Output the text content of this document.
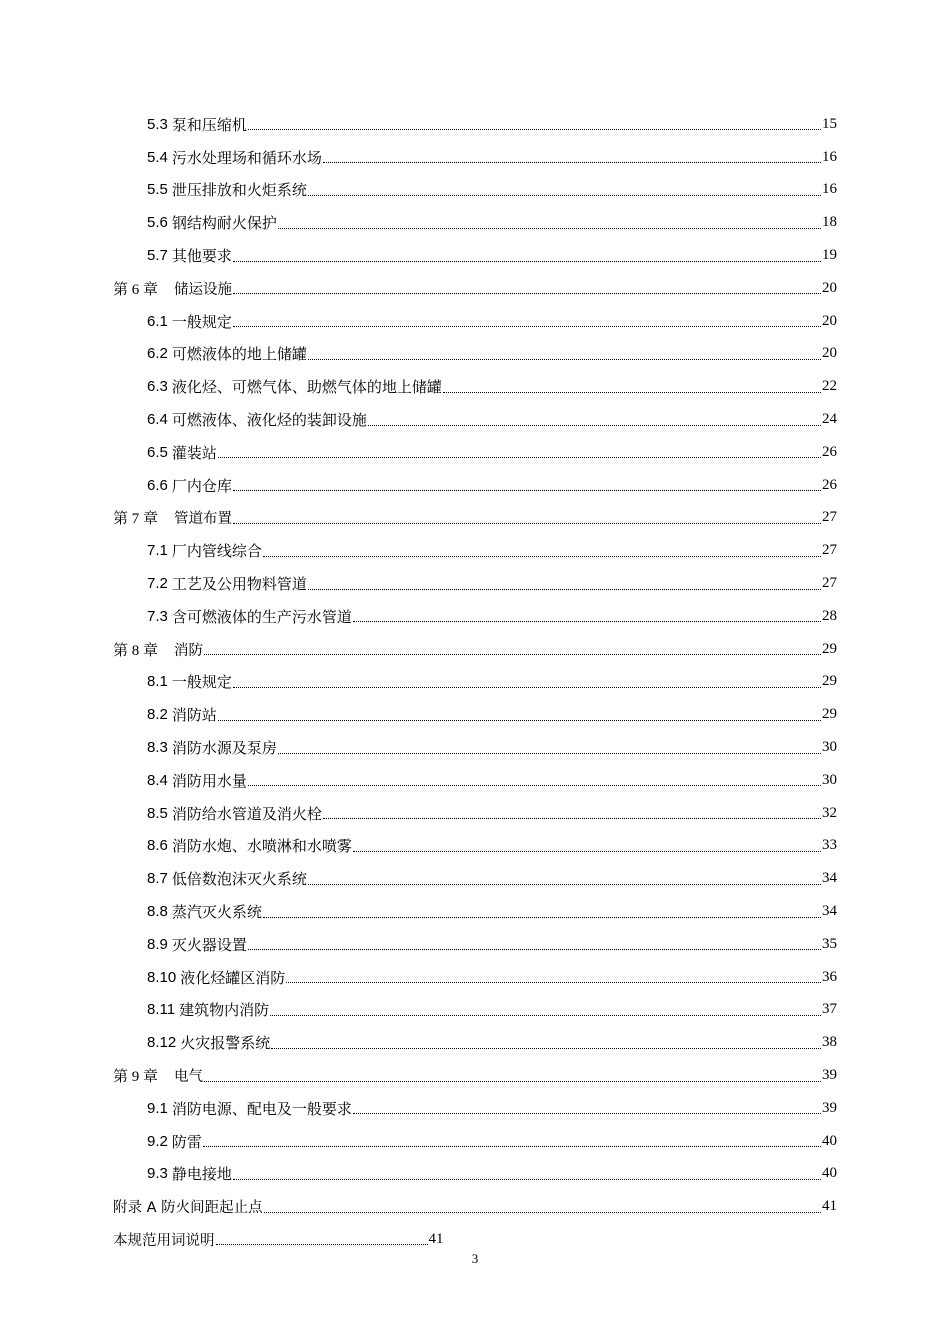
5.3 泵和压缩机	15
5.4 污水处理场和循环水场	16
5.5 泄压排放和火炬系统	16
5.6 钢结构耐火保护	18
5.7 其他要求	19
第 6 章 储运设施	20
6.1 一般规定	20
6.2 可燃液体的地上储罐	20
6.3 液化烃、可燃气体、助燃气体的地上储罐	22
6.4 可燃液体、液化烃的装卸设施	24
6.5 灌装站	26
6.6 厂内仓库	26
第 7 章 管道布置	27
7.1 厂内管线综合	27
7.2 工艺及公用物料管道	27
7.3 含可燃液体的生产污水管道	28
第 8 章 消防	29
8.1 一般规定	29
8.2 消防站	29
8.3 消防水源及泵房	30
8.4 消防用水量	30
8.5 消防给水管道及消火栓	32
8.6 消防水炮、水喷淋和水喷雾	33
8.7 低倍数泡沫灭火系统	34
8.8 蒸汽灭火系统	34
8.9 灭火器设置	35
8.10 液化烃罐区消防	36
8.11 建筑物内消防	37
8.12 火灾报警系统	38
第 9 章 电气	39
9.1 消防电源、配电及一般要求	39
9.2 防雷	40
9.3 静电接地	40
附录 A 防火间距起止点	41
本规范用词说明	41
3
